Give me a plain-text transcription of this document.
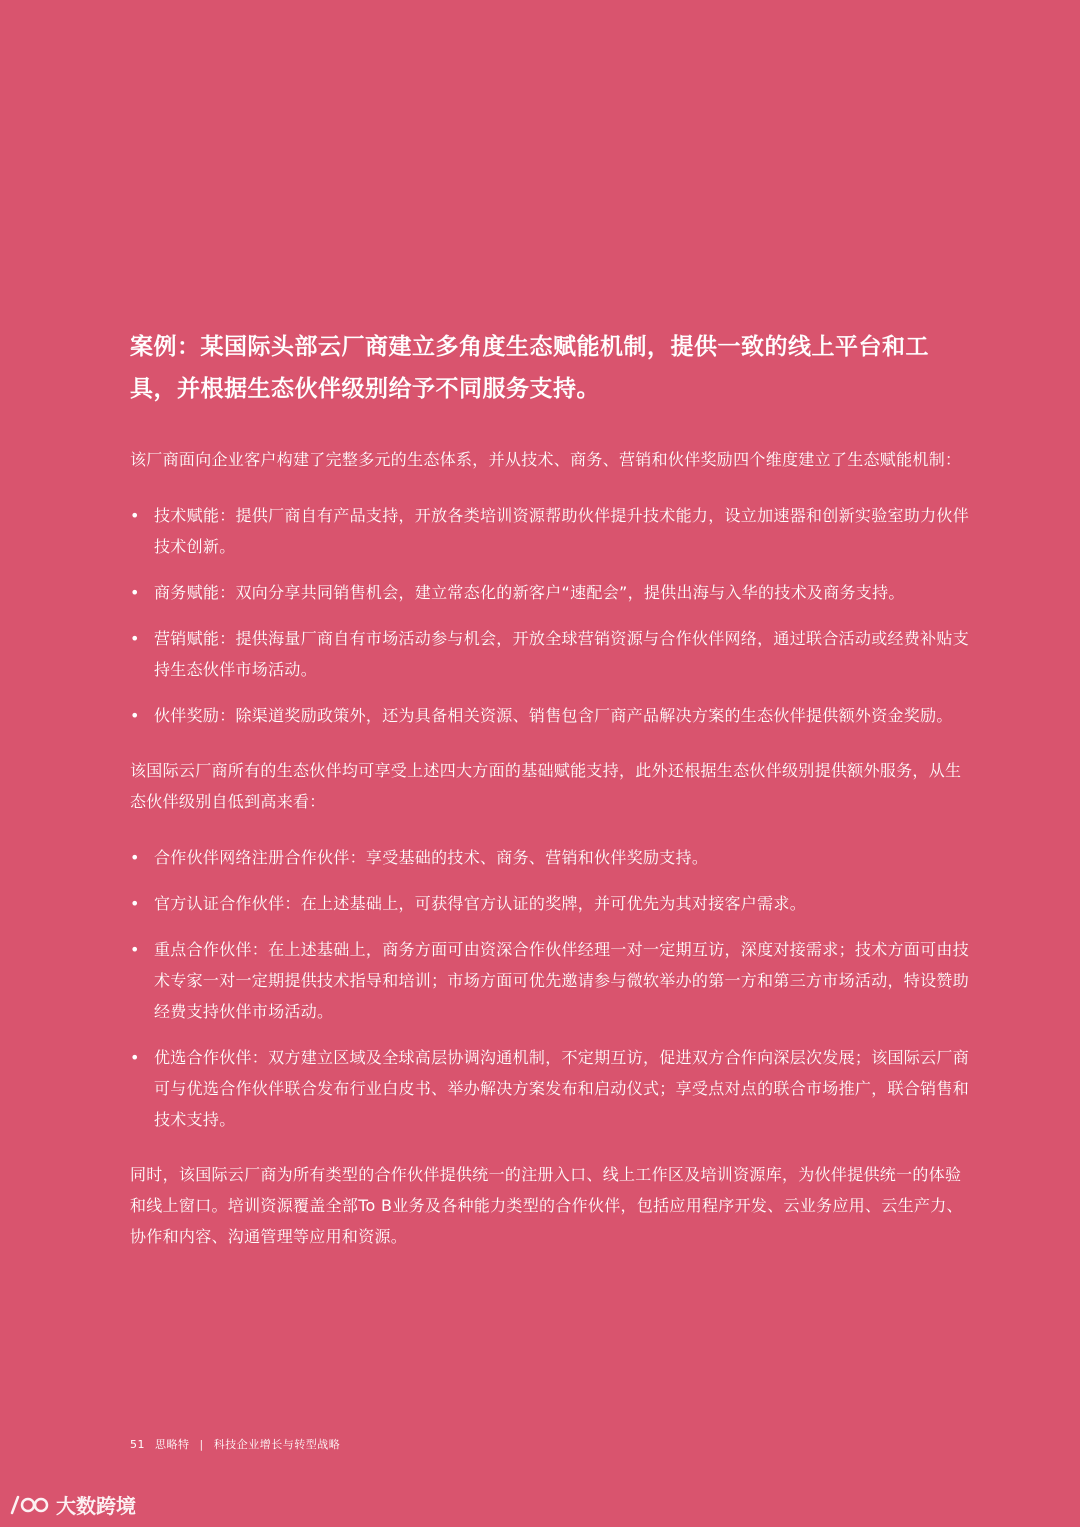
案例：某国际头部云厂商建立多角度生态赋能机制，提供一致的线上平台和工具，并根据生态伙伴级别给予不同服务支持。

该厂商面向企业客户构建了完整多元的生态体系，并从技术、商务、营销和伙伴奖励四个维度建立了生态赋能机制：

• 技术赋能：提供厂商自有产品支持，开放各类培训资源帮助伙伴提升技术能力，设立加速器和创新实验室助力伙伴技术创新。
• 商务赋能：双向分享共同销售机会，建立常态化的新客户“速配会”，提供出海与入华的技术及商务支持。
• 营销赋能：提供海量厂商自有市场活动参与机会，开放全球营销资源与合作伙伴网络，通过联合活动或经费补贴支持生态伙伴市场活动。
• 伙伴奖励：除渠道奖励政策外，还为具备相关资源、销售包含厂商产品解决方案的生态伙伴提供额外资金奖励。

该国际云厂商所有的生态伙伴均可享受上述四大方面的基础赋能支持，此外还根据生态伙伴级别提供额外服务，从生态伙伴级别自低到高来看：

• 合作伙伴网络注册合作伙伴：享受基础的技术、商务、营销和伙伴奖励支持。
• 官方认证合作伙伴：在上述基础上，可获得官方认证的奖牌，并可优先为其对接客户需求。
• 重点合作伙伴：在上述基础上，商务方面可由资深合作伙伴经理一对一定期互访，深度对接需求；技术方面可由技术专家一对一定期提供技术指导和培训；市场方面可优先邀请参与微软举办的第一方和第三方市场活动，特设赞助经费支持伙伴市场活动。
• 优选合作伙伴：双方建立区域及全球高层协调沟通机制，不定期互访，促进双方合作向深层次发展；该国际云厂商可与优选合作伙伴联合发布行业白皮书、举办解决方案发布和启动仪式；享受点对点的联合市场推广，联合销售和技术支持。

同时，该国际云厂商为所有类型的合作伙伴提供统一的注册入口、线上工作区及培训资源库，为伙伴提供统一的体验和线上窗口。培训资源覆盖全部To B业务及各种能力类型的合作伙伴，包括应用程序开发、云业务应用、云生产力、协作和内容、沟通管理等应用和资源。

51 思略特 | 科技企业增长与转型战略
大数跨境
